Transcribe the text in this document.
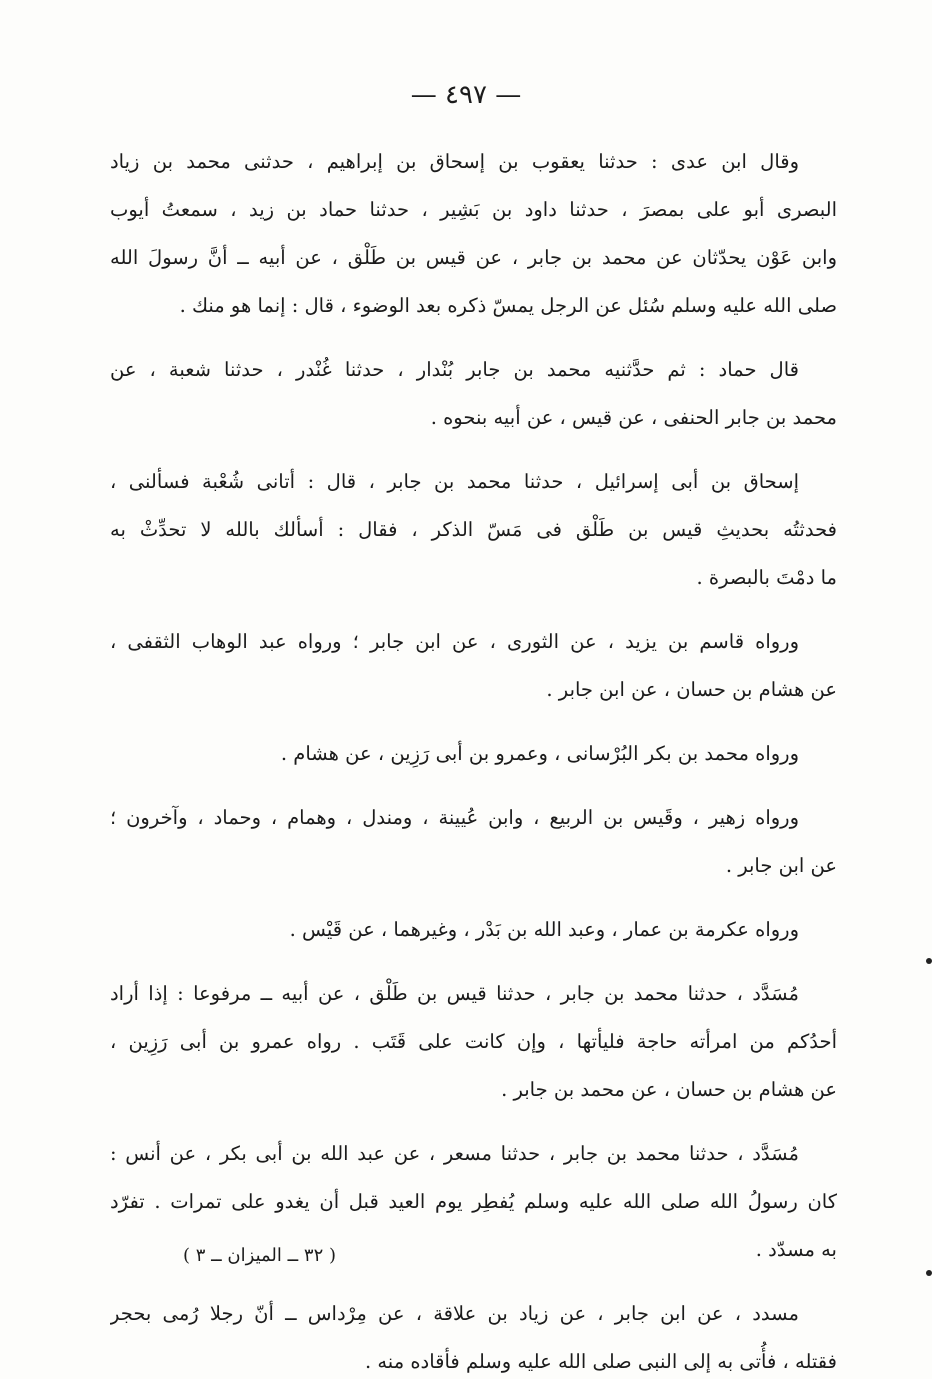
— ٤٩٧ —
وقال ابن عدى : حدثنا يعقوب بن إسحاق بن إبراهيم ، حدثنى محمد بن زياد
البصرى أبو على بمصرَ ، حدثنا داود بن بَشِير ، حدثنا حماد بن زيد ، سمعتُ أيوب
وابن عَوْن يحدّثان عن محمد بن جابر ، عن قيس بن طَلْق ، عن أبيه ــ أنَّ رسولَ الله
صلى الله عليه وسلم سُئل عن الرجل يمسّ ذكره بعد الوضوء ، قال : إنما هو منك .
قال حماد : ثم حدَّثنيه محمد بن جابر بُنْدار ، حدثنا غُنْدر ، حدثنا شعبة ، عن
محمد بن جابر الحنفى ، عن قيس ، عن أبيه بنحوه .
إسحاق بن أبى إسرائيل ، حدثنا محمد بن جابر ، قال : أتانى شُعْبة فسألنى ،
فحدثتُه بحديثِ قيس بن طَلْق فى مَسّ الذكر ، فقال : أسألك بالله لا تحدِّثْ به
ما دمْتَ بالبصرة .
ورواه قاسم بن يزيد ، عن الثورى ، عن ابن جابر ؛ ورواه عبد الوهاب الثقفى ،
عن هشام بن حسان ، عن ابن جابر .
ورواه محمد بن بكر البُرْسانى ، وعمرو بن أبى رَزِين ، عن هشام .
ورواه زهير ، وقَيس بن الربيع ، وابن عُيينة ، ومندل ، وهمام ، وحماد ، وآخرون ؛
عن ابن جابر .
ورواه عكرمة بن عمار ، وعبد الله بن بَدْر ، وغيرهما ، عن قَيْس .
مُسَدَّد ، حدثنا محمد بن جابر ، حدثنا قيس بن طَلْق ، عن أبيه ــ مرفوعا : إذا أراد
أحدُكم من امرأته حاجة فليأتها ، وإن كانت على قَتَب . رواه عمرو بن أبى رَزِين ،
عن هشام بن حسان ، عن محمد بن جابر .
مُسَدَّد ، حدثنا محمد بن جابر ، حدثنا مسعر ، عن عبد الله بن أبى بكر ، عن أنس :
كان رسولُ الله صلى الله عليه وسلم يُفطِر يوم العيد قبل أن يغدو على تمرات . تفرّد
به مسدّد .
مسدد ، عن ابن جابر ، عن زياد بن علاقة ، عن مِرْداس ــ أنّ رجلا رُمى بحجر
فقتله ، فأُتى به إلى النبى صلى الله عليه وسلم فأقاده منه .
( ٣٢ ــ الميزان ــ ٣ )
